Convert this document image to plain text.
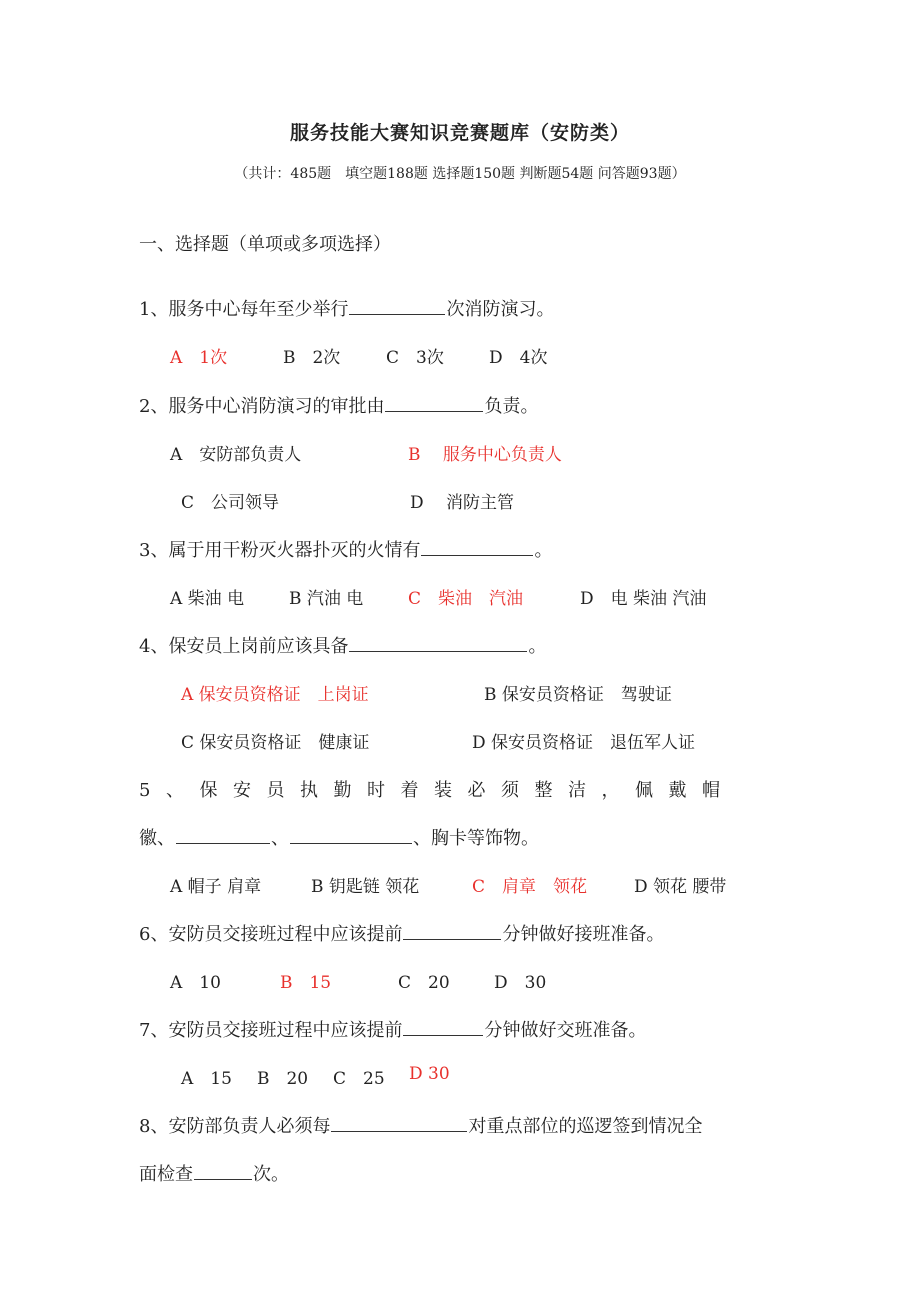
服务技能大赛知识竞赛题库（安防类）
（共计：485题　填空题188题 选择题150题 判断题54题 问答题93题）
一、选择题（单项或多项选择）
1、服务中心每年至少举行	次消防演习。
A　1次	B　2次	C　3次	D　4次
2、服务中心消防演习的审批由	负责。
A　安防部负责人	B　 服务中心负责人
C　公司领导	D　 消防主管
3、属于用干粉灭火器扑灭的火情有	。
A 柴油 电	B 汽油 电	C　柴油　汽油	D　电 柴油 汽油
4、保安员上岗前应该具备	。
A 保安员资格证　上岗证	B 保安员资格证　驾驶证
C 保安员资格证　健康证	D 保安员资格证　退伍军人证
5、保安员执勤时着装必须整洁，佩戴帽
徽、	、	、胸卡等饰物。
A 帽子 肩章	B 钥匙链 领花	C　肩章　领花	D 领花 腰带
6、安防员交接班过程中应该提前	分钟做好接班准备。
A　10	B　15	C　20	D　30
7、安防员交接班过程中应该提前	分钟做好交班准备。
A　15 B　20 C　25 D 30
8、安防部负责人必须每	对重点部位的巡逻签到情况全
面检查	次。
